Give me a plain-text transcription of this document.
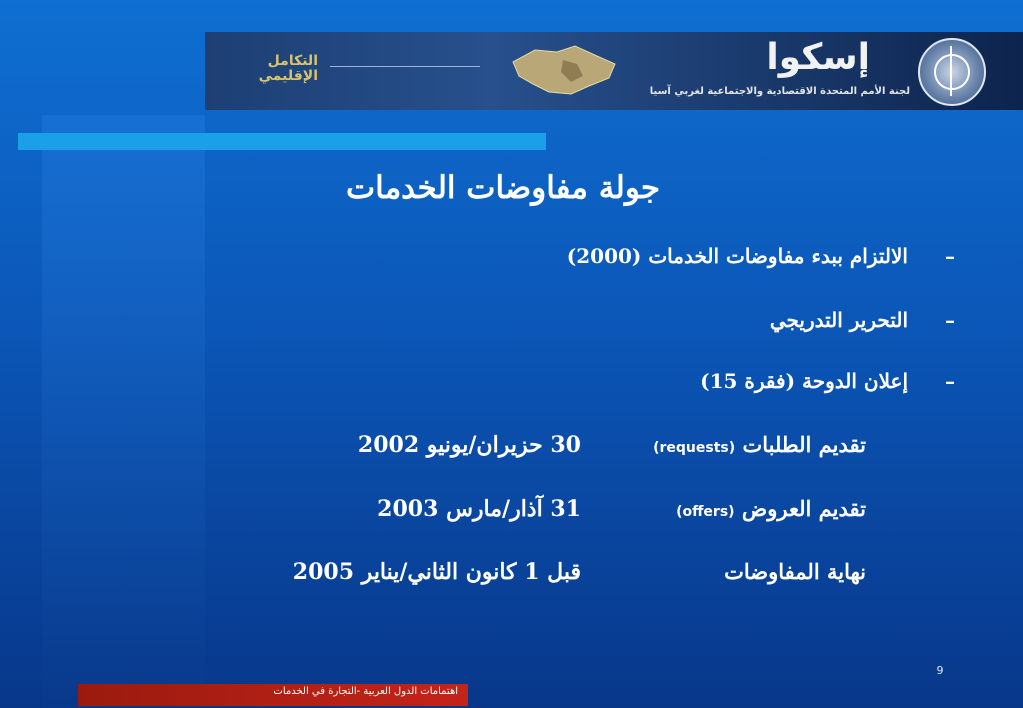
إسكوا
لجنة الأمم المتحدة الاقتصادية والاجتماعية لغربي آسيا
التكامل
الإقليمي
جولة مفاوضات الخدمات
–
الالتزام ببدء مفاوضات الخدمات (2000)
–
التحرير التدريجي
–
إعلان الدوحة (فقرة 15)
تقديم الطلبات (requests)
30 حزيران/يونيو 2002
تقديم العروض (offers)
31 آذار/مارس 2003
نهاية المفاوضات
قبل 1 كانون الثاني/يناير 2005
9
اهتمامات الدول العربية -التجارة في الخدمات
